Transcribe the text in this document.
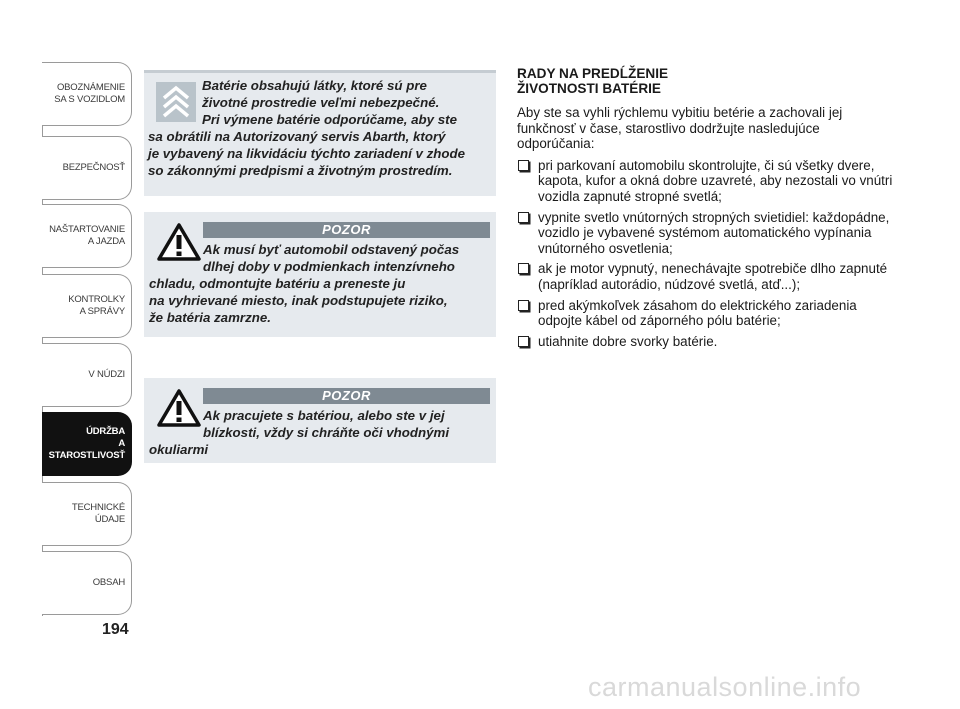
OBOZNÁMENIE
SA S VOZIDLOM
BEZPEČNOSŤ
NAŠTARTOVANIE
A JAZDA
KONTROLKY
A SPRÁVY
V NÚDZI
ÚDRŽBA
A STAROSTLIVOSŤ
TECHNICKÉ
ÚDAJE
OBSAH
194

Batérie obsahujú látky, ktoré sú pre

životné prostredie veľmi nebezpečné.

Pri výmene batérie odporúčame, aby ste

sa obrátili na Autorizovaný servis Abarth, ktorý

je vybavený na likvidáciu týchto zariadení v zhode

so zákonnými predpismi a životným prostredím.

POZOR

Ak musí byť automobil odstavený počas

dlhej doby v podmienkach intenzívneho

chladu, odmontujte batériu a preneste ju

na vyhrievané miesto, inak podstupujete riziko,

že batéria zamrzne.

POZOR

Ak pracujete s batériou, alebo ste v jej

blízkosti, vždy si chráňte oči vhodnými

okuliarmi

RADY NA PREDĹŽENIE
ŽIVOTNOSTI BATÉRIE

Aby ste sa vyhli rýchlemu vybitiu betérie a zachovali jej funkčnosť v čase, starostlivo dodržujte nasledujúce odporúčania:

pri parkovaní automobilu skontrolujte, či sú všetky dvere, kapota, kufor a okná dobre uzavreté, aby nezostali vo vnútri vozidla zapnuté stropné svetlá;
vypnite svetlo vnútorných stropných svietidiel: každopádne, vozidlo je vybavené systémom automatického vypínania vnútorného osvetlenia;
ak je motor vypnutý, nenechávajte spotrebiče dlho zapnuté (napríklad autorádio, núdzové svetlá, atď...);
pred akýmkoľvek zásahom do elektrického zariadenia odpojte kábel od záporného pólu batérie;
utiahnite dobre svorky batérie.
carmanualsonline.info
